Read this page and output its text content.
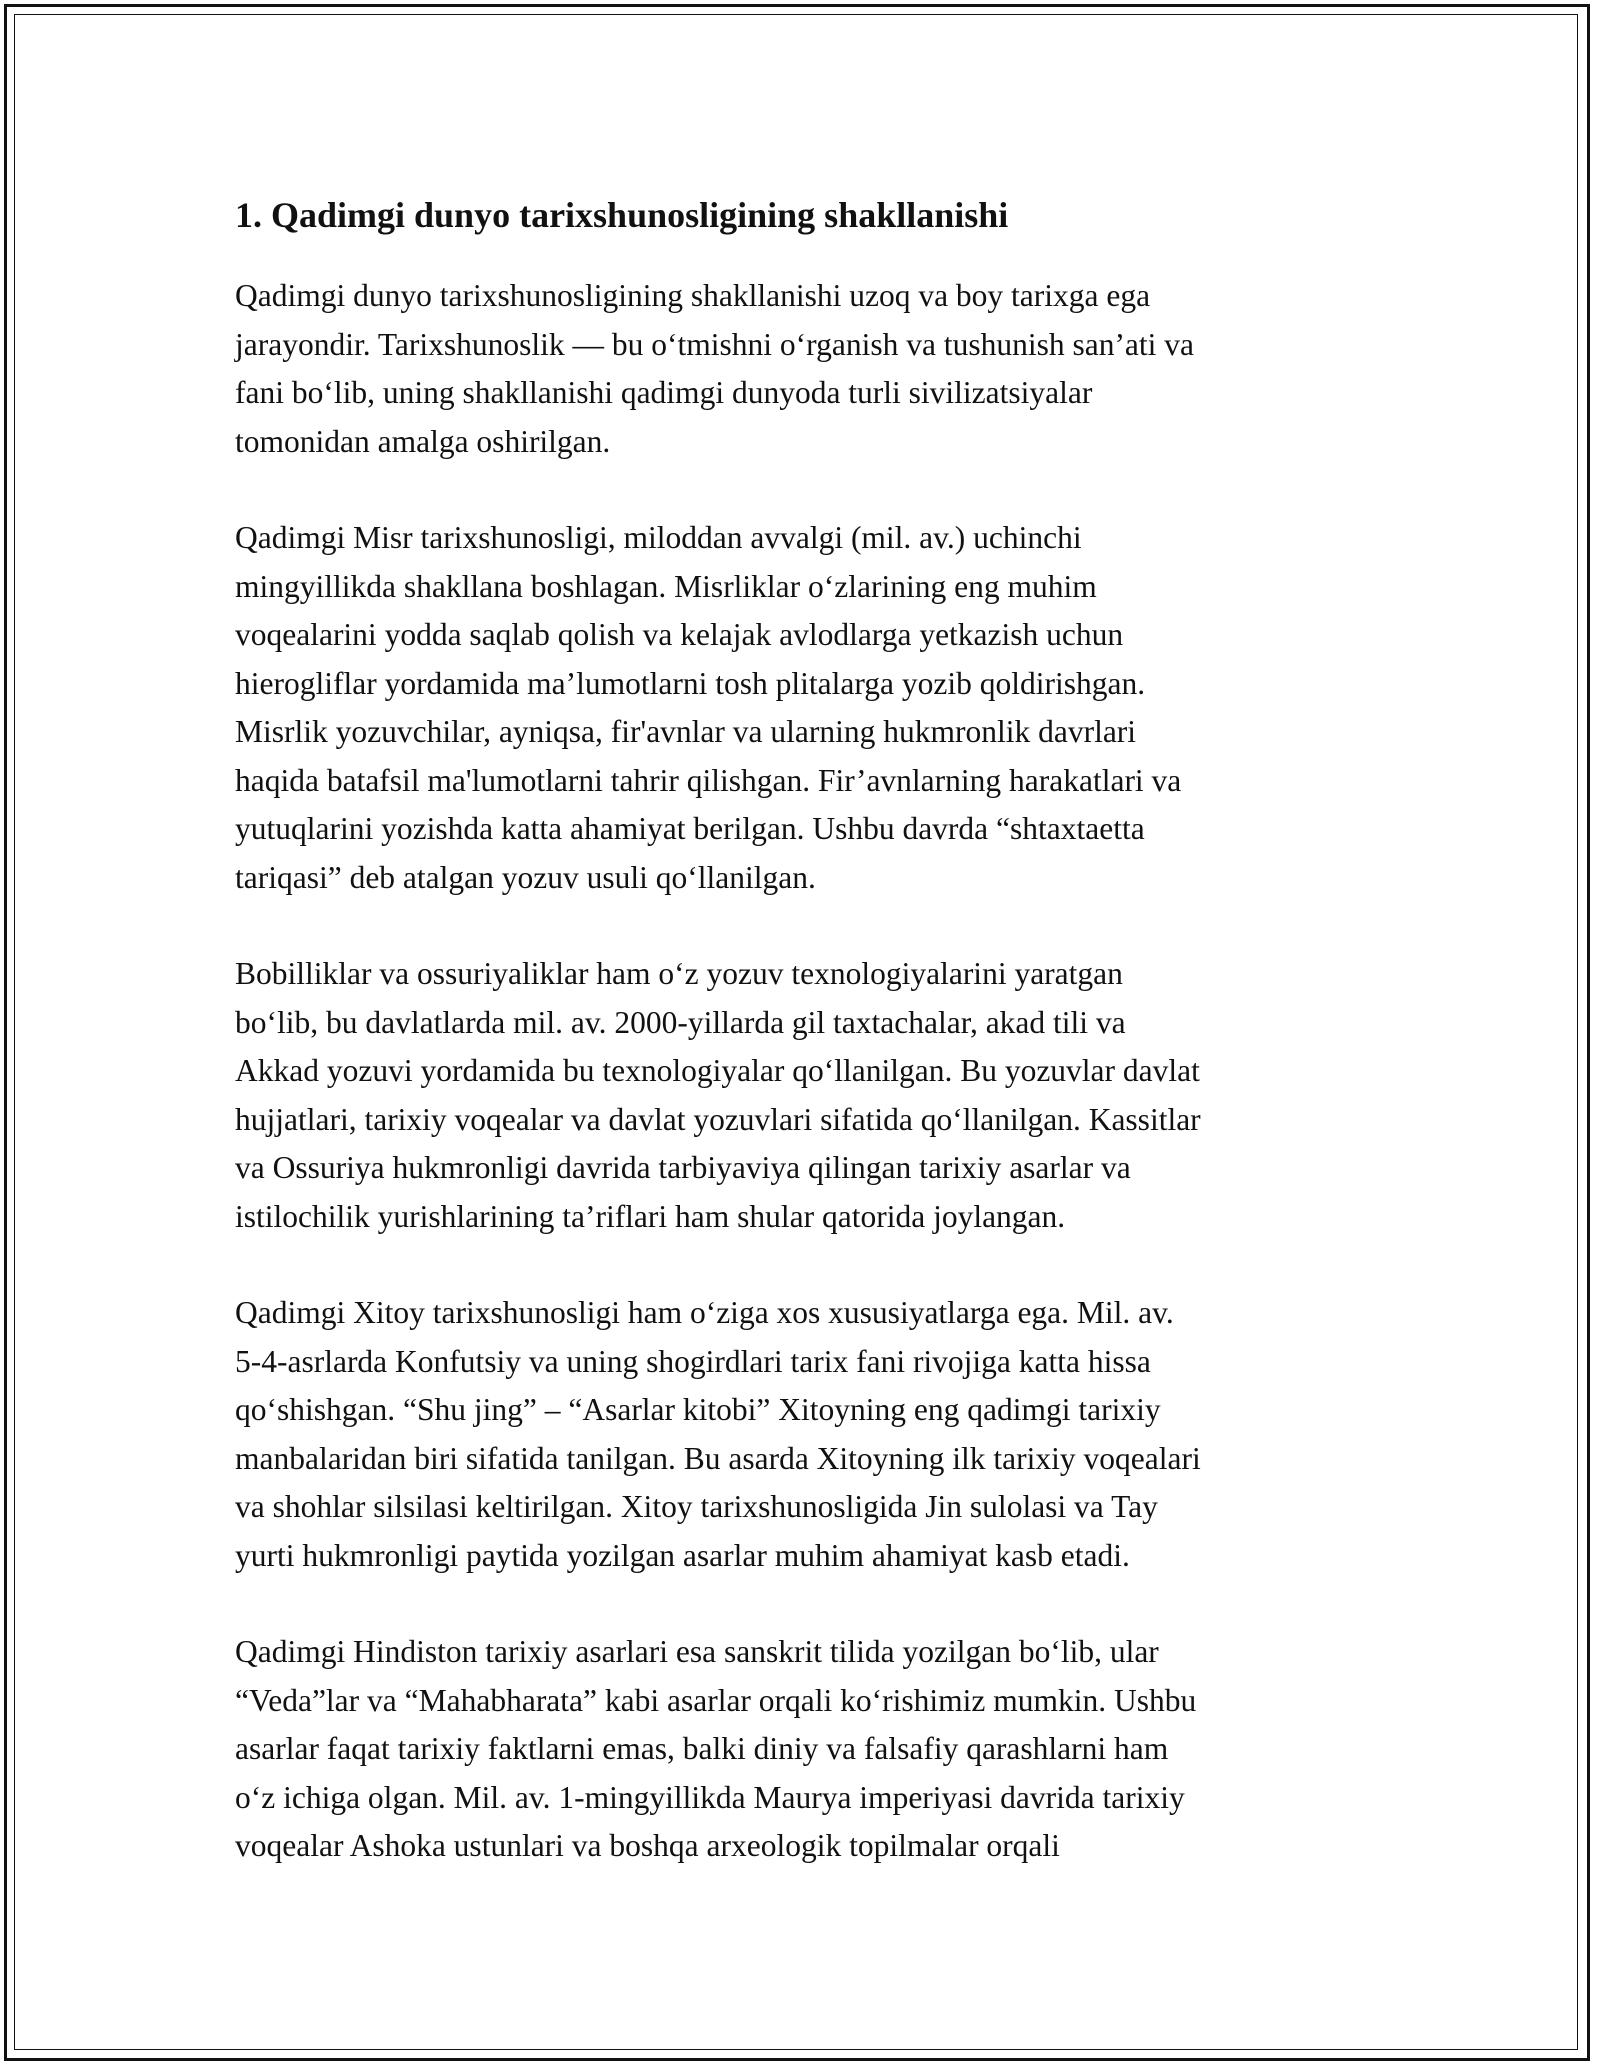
1. Qadimgi dunyo tarixshunosligining shakllanishi
Qadimgi dunyo tarixshunosligining shakllanishi uzoq va boy tarixga ega
jarayondir. Tarixshunoslik — bu oʻtmishni oʻrganish va tushunish san’ati va
fani boʻlib, uning shakllanishi qadimgi dunyoda turli sivilizatsiyalar
tomonidan amalga oshirilgan.
Qadimgi Misr tarixshunosligi, miloddan avvalgi (mil. av.) uchinchi
mingyillikda shakllana boshlagan. Misrliklar oʻzlarining eng muhim
voqealarini yodda saqlab qolish va kelajak avlodlarga yetkazish uchun
hierogliflar yordamida ma’lumotlarni tosh plitalarga yozib qoldirishgan.
Misrlik yozuvchilar, ayniqsa, fir'avnlar va ularning hukmronlik davrlari
haqida batafsil ma'lumotlarni tahrir qilishgan. Fir’avnlarning harakatlari va
yutuqlarini yozishda katta ahamiyat berilgan. Ushbu davrda “shtaxtaetta
tariqasi” deb atalgan yozuv usuli qoʻllanilgan.
Bobilliklar va ossuriyaliklar ham oʻz yozuv texnologiyalarini yaratgan
boʻlib, bu davlatlarda mil. av. 2000-yillarda gil taxtachalar, akad tili va
Akkad yozuvi yordamida bu texnologiyalar qoʻllanilgan. Bu yozuvlar davlat
hujjatlari, tarixiy voqealar va davlat yozuvlari sifatida qoʻllanilgan. Kassitlar
va Ossuriya hukmronligi davrida tarbiyaviya qilingan tarixiy asarlar va
istilochilik yurishlarining ta’riflari ham shular qatorida joylangan.
Qadimgi Xitoy tarixshunosligi ham oʻziga xos xususiyatlarga ega. Mil. av.
5-4-asrlarda Konfutsiy va uning shogirdlari tarix fani rivojiga katta hissa
qoʻshishgan. “Shu jing” – “Asarlar kitobi” Xitoyning eng qadimgi tarixiy
manbalaridan biri sifatida tanilgan. Bu asarda Xitoyning ilk tarixiy voqealari
va shohlar silsilasi keltirilgan. Xitoy tarixshunosligida Jin sulolasi va Tay
yurti hukmronligi paytida yozilgan asarlar muhim ahamiyat kasb etadi.
Qadimgi Hindiston tarixiy asarlari esa sanskrit tilida yozilgan boʻlib, ular
“Veda”lar va “Mahabharata” kabi asarlar orqali koʻrishimiz mumkin. Ushbu
asarlar faqat tarixiy faktlarni emas, balki diniy va falsafiy qarashlarni ham
oʻz ichiga olgan. Mil. av. 1-mingyillikda Maurya imperiyasi davrida tarixiy
voqealar Ashoka ustunlari va boshqa arxeologik topilmalar orqali
